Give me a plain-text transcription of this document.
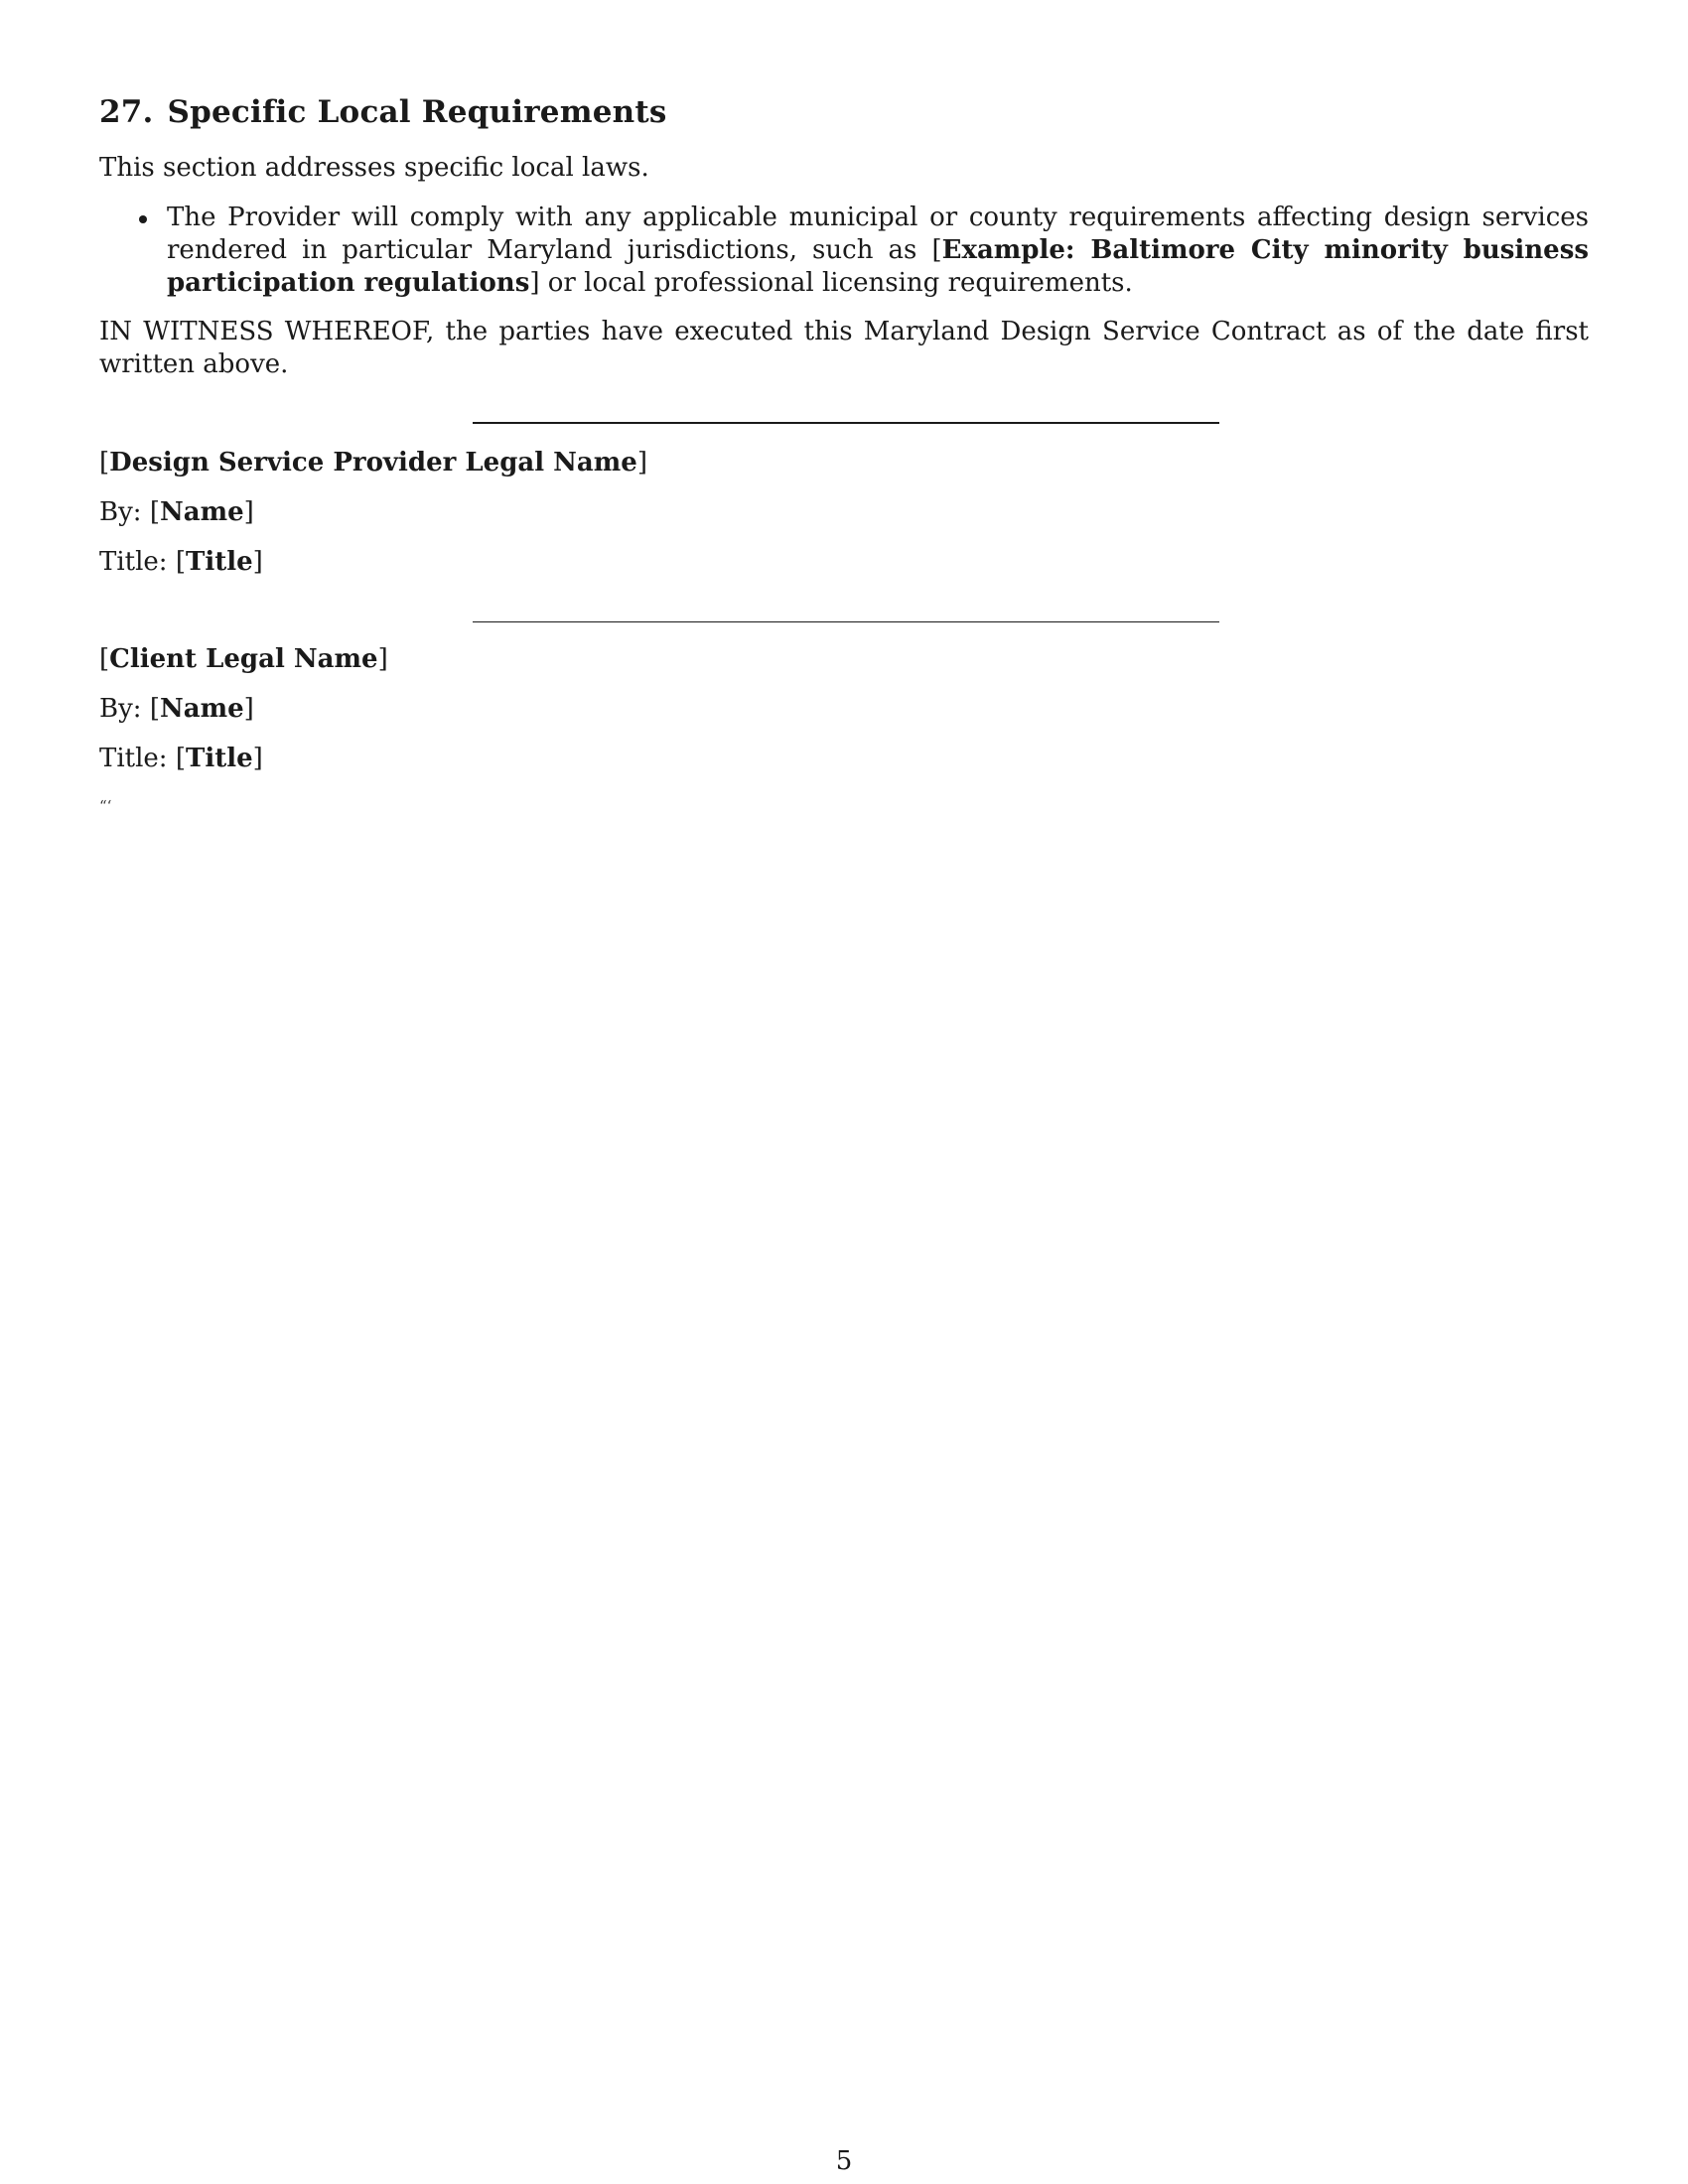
27. Specific Local Requirements

This section addresses specific local laws.

The Provider will comply with any applicable municipal or county requirements affecting design services rendered in particular Maryland jurisdictions, such as [Example: Baltimore City minority business participation regulations] or local professional licensing requirements.

IN WITNESS WHEREOF, the parties have executed this Maryland Design Service Contract as of the date first written above.

[Design Service Provider Legal Name]

By: [Name]

Title: [Title]

[Client Legal Name]

By: [Name]

Title: [Title]

“‘
5
